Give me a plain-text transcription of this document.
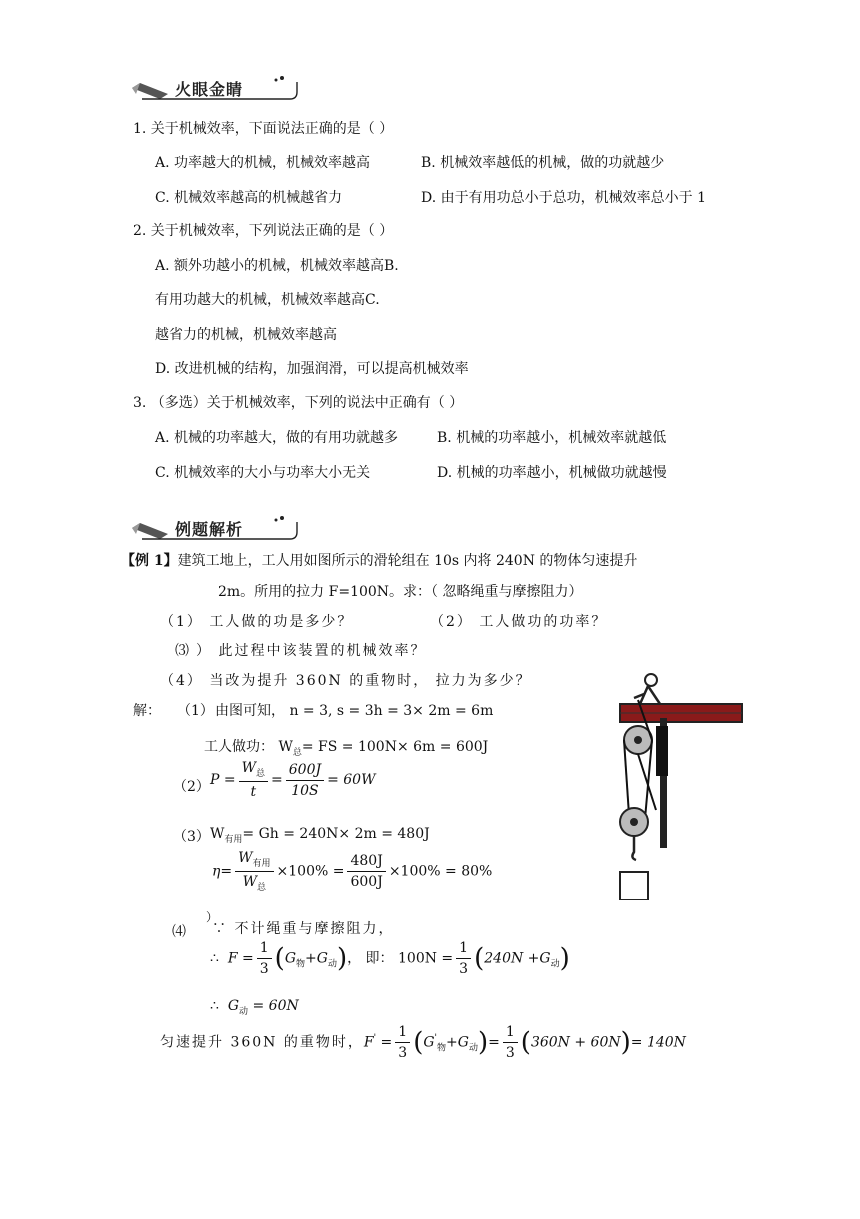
火眼金睛
1. 关于机械效率，下面说法正确的是（ ）
A. 功率越大的机械，机械效率越高	B. 机械效率越低的机械，做的功就越少
C. 机械效率越高的机械越省力	D. 由于有用功总小于总功，机械效率总小于 1
2. 关于机械效率，下列说法正确的是（ ）
A. 额外功越小的机械，机械效率越高B.
有用功越大的机械，机械效率越高C.
越省力的机械，机械效率越高
D. 改进机械的结构，加强润滑，可以提高机械效率
3. （多选）关于机械效率，下列的说法中正确有（ ）
A. 机械的功率越大，做的有用功就越多	B. 机械的功率越小，机械效率就越低
C. 机械效率的大小与功率大小无关	D. 机械的功率越小，机械做功就越慢
例题解析
【例 1】建筑工地上，工人用如图所示的滑轮组在 10s 内将 240N 的物体匀速提升
2m。所用的拉力 F=100N。求：（ 忽略绳重与摩擦阻力）
（1） 工人做的功是多少？	（2） 工人做功的功率？
⑶ ） 此过程中该装置的机械效率？
（4） 当改为提升 360N 的重物时， 拉力为多少？
解： （1） 由图可知， n = 3, s = 3h = 3× 2m = 6m
工人做功： $W_总=$ FS = 100N× 6m = 600J
（2） $P = \frac{W_总}{t} = \frac{600J}{10S} = 60W$
（3） $W_{有用}= Gh = 240N\times 2m = 480J$
$\eta= \frac{W_{有用}}{W_总} \times 100\% = \frac{480J}{600J} \times 100\% = 80\%$
⑷
）
∵ 不计绳重与摩擦阻力，
∴ $F = \frac{1}{3} (G_物+G_动)$， 即： $100N = \frac{1}{3} (240N +G_动)$
∴ $G_动 = 60N$
匀速提升 360N 的重物时，$F' = \frac{1}{3} (G'_物+G_动)= \frac{1}{3} (360N + 60N)= 140N$
